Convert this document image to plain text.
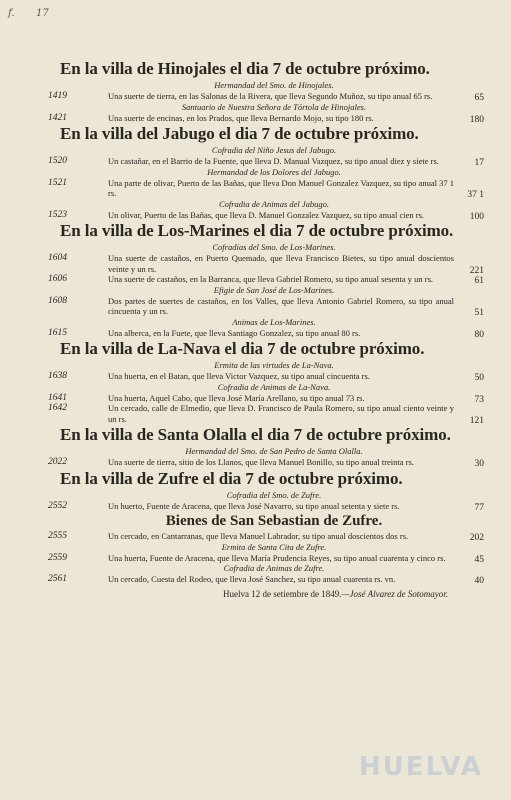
f. 17
En la villa de Hinojales el dia 7 de octubre próximo.
Hermandad del Smo. de Hinojales.
1419	Una suerte de tierra, en las Salonas de la Rivera, que lleva Segundo Muñoz, su tipo anual 65 rs.	65
Santuario de Nuestra Señora de Tórtola de Hinojales.
1421	Una suerte de encinas, en los Prados, que lleva Bernardo Mojo, su tipo 180 rs.	180
En la villa del Jabugo el dia 7 de octubre próximo.
Cofradia del Niño Jesus del Jabugo.
1520	Un castañar, en el Barrio de la Fuente, que lleva D. Manual Vazquez, su tipo anual diez y siete rs.	17
Hermandad de los Dolores del Jabugo.
1521	Una parte de olivar, Puerto de las Bañas, que lleva Don Manuel Gonzalez Vazquez, su tipo anual 37 1 rs.	37 1
Cofradia de Animas del Jabugo.
1523	Un olivar, Puerto de las Bañas, que lleva D. Manuel Gonzalez Vazquez, su tipo anual cien rs.	100
En la villa de Los-Marines el dia 7 de octubre próximo.
Cofradias del Smo. de Los-Marines.
1604	Una suerte de castaños, en Puerto Quemado, que lleva Francisco Bietes, su tipo anual doscientos veinte y un rs.	221
1606	Una suerte de castaños, en la Barranca, que lleva Gabriel Romero, su tipo anual sesenta y un rs.	61
Efigie de San José de Los-Marines.
1608	Dos partes de suertes de castaños, en los Valles, que lleva Antonio Gabriel Romero, su tipo anual cincuenta y un rs.	51
Animas de Los-Marines.
1615	Una alberca, en la Fuete, que lleva Santiago Gonzalez, su tipo anual 80 rs.	80
En la villa de La-Nava el dia 7 de octubre próximo.
Ermita de las virtudes de La-Nava.
1638	Una huerta, en el Batan, que lleva Victor Vazquez, su tipo anual cincuenta rs.	50
Cofradia de Animas de La-Nava.
1641	Una huerta, Aquel Cabo, que lleva José María Arellano, su tipo anual 73 rs.	73
1642	Un cercado, calle de Elmedio, que lleva D. Francisco de Paula Romero, su tipo anual ciento veinte y un rs.	121
En la villa de Santa Olalla el dia 7 de octubre próximo.
Hermandad del Smo. de San Pedro de Santa Olalla.
2022	Una suerte de tierra, sitio de los Llanos, que lleva Manuel Bonillo, su tipo anual treinta rs.	30
En la villa de Zufre el dia 7 de octubre próximo.
Cofradia del Smo. de Zufre.
2552	Un huerto, Fuente de Aracena, que lleva José Navarro, su tipo anual setenta y siete rs.	77
Bienes de San Sebastian de Zufre.
2555	Un cercado, en Cantarranas, que lleva Manuel Labrador, su tipo anual doscientos dos rs.	202
Ermita de Santa Cita de Zufre.
2559	Una huerta, Fuente de Aracena, que lleva María Prudencia Reyes, su tipo anual cuarenta y cinco rs.	45
Cofradia de Animas de Zufre.
2561	Un cercado, Cuesta del Rodeo, que lleva José Sanchez, su tipo anual cuarenta rs. vn.	40
Huelva 12 de setiembre de 1849.—José Alvarez de Sotomayor.
HUELVA
